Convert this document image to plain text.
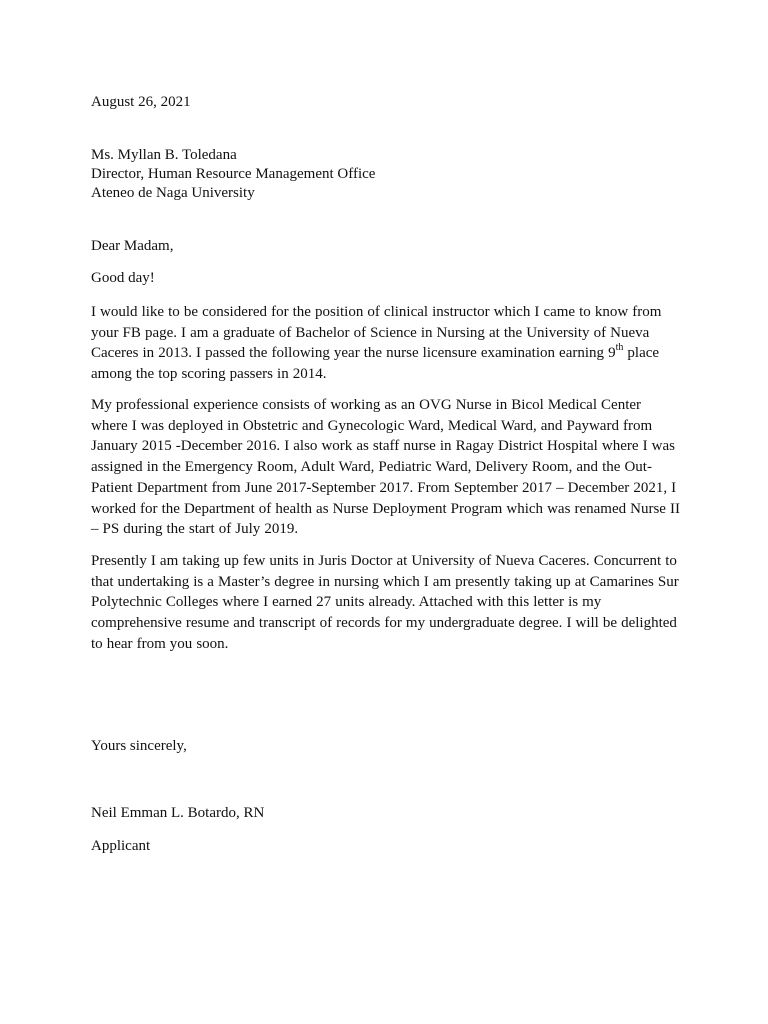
August 26, 2021

Ms. Myllan B. Toledana
Director, Human Resource Management Office
Ateneo de Naga University

Dear Madam,

Good day!

I would like to be considered for the position of clinical instructor which I came to know from
your FB page. I am a graduate of Bachelor of Science in Nursing at the University of Nueva
Caceres in 2013. I passed the following year the nurse licensure examination earning 9th place
among the top scoring passers in 2014.
My professional experience consists of working as an OVG Nurse in Bicol Medical Center
where I was deployed in Obstetric and Gynecologic Ward, Medical Ward, and Payward from
January 2015 -December 2016. I also work as staff nurse in Ragay District Hospital where I was
assigned in the Emergency Room, Adult Ward, Pediatric Ward, Delivery Room, and the Out-
Patient Department from June 2017-September 2017. From September 2017 – December 2021, I
worked for the Department of health as Nurse Deployment Program which was renamed Nurse II
– PS during the start of July 2019.
Presently I am taking up few units in Juris Doctor at University of Nueva Caceres. Concurrent to
that undertaking is a Master’s degree in nursing which I am presently taking up at Camarines Sur
Polytechnic Colleges where I earned 27 units already. Attached with this letter is my
comprehensive resume and transcript of records for my undergraduate degree. I will be delighted
to hear from you soon.

Yours sincerely,

Neil Emman L. Botardo, RN

Applicant
